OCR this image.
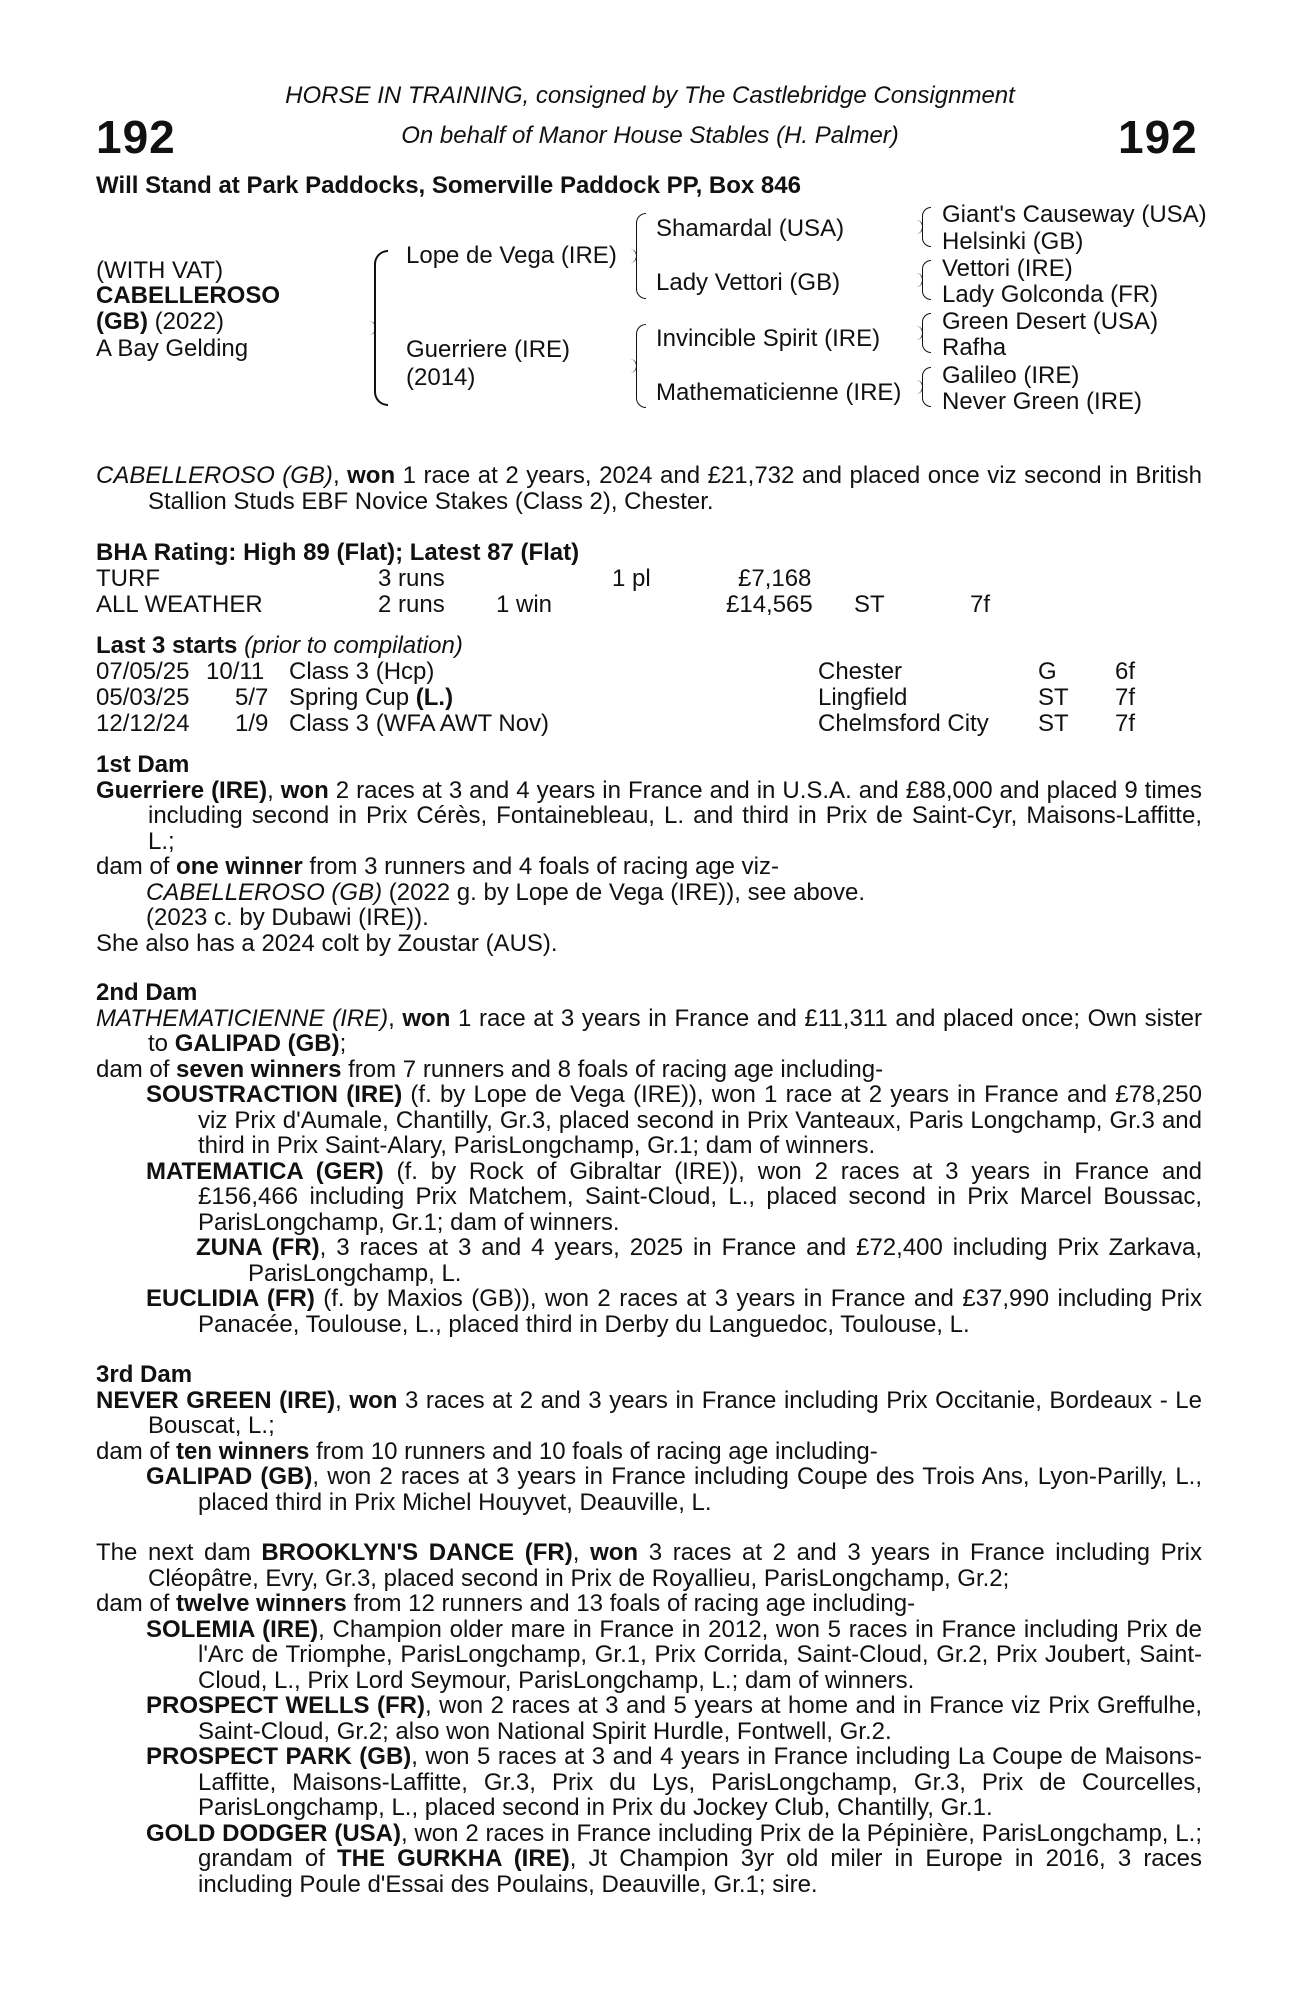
192	192
HORSE IN TRAINING, consigned by The Castlebridge Consignment
On behalf of Manor House Stables (H. Palmer)
Will Stand at Park Paddocks, Somerville Paddock PP, Box 846
(WITH VAT)
CABELLEROSO
(GB) (2022)
A Bay Gelding
Lope de Vega (IRE)
Guerriere (IRE)
(2014)
Shamardal (USA)
Lady Vettori (GB)
Invincible Spirit (IRE)
Mathematicienne (IRE)
Giant's Causeway (USA)
Helsinki (GB)
Vettori (IRE)
Lady Golconda (FR)
Green Desert (USA)
Rafha
Galileo (IRE)
Never Green (IRE)

CABELLEROSO (GB), won 1 race at 2 years, 2024 and £21,732 and placed once viz second in British Stallion Studs EBF Novice Stakes (Class 2), Chester.

BHA Rating: High 89 (Flat); Latest 87 (Flat)
TURF	3 runs	1 pl	£7,168
ALL WEATHER	2 runs 1 win	£14,565 ST	7f
Last 3 starts (prior to compilation)
07/05/25 10/11 Class 3 (Hcp)	Chester	G 6f
05/03/25 5/7 Spring Cup (L.)	Lingfield	ST 7f
12/12/24 1/9 Class 3 (WFA AWT Nov)	Chelmsford City ST 7f

1st Dam

Guerriere (IRE), won 2 races at 3 and 4 years in France and in U.S.A. and £88,000 and placed 9 times including second in Prix Cérès, Fontainebleau, L. and third in Prix de Saint-Cyr, Maisons-Laffitte, L.;

dam of one winner from 3 runners and 4 foals of racing age viz-

CABELLEROSO (GB) (2022 g. by Lope de Vega (IRE)), see above.

(2023 c. by Dubawi (IRE)).

She also has a 2024 colt by Zoustar (AUS).

2nd Dam

MATHEMATICIENNE (IRE), won 1 race at 3 years in France and £11,311 and placed once; Own sister to GALIPAD (GB);

dam of seven winners from 7 runners and 8 foals of racing age including-

SOUSTRACTION (IRE) (f. by Lope de Vega (IRE)), won 1 race at 2 years in France and £78,250 viz Prix d'Aumale, Chantilly, Gr.3, placed second in Prix Vanteaux, Paris Longchamp, Gr.3 and third in Prix Saint-Alary, ParisLongchamp, Gr.1; dam of winners.

MATEMATICA (GER) (f. by Rock of Gibraltar (IRE)), won 2 races at 3 years in France and £156,466 including Prix Matchem, Saint-Cloud, L., placed second in Prix Marcel Boussac, ParisLongchamp, Gr.1; dam of winners.

ZUNA (FR), 3 races at 3 and 4 years, 2025 in France and £72,400 including Prix Zarkava, ParisLongchamp, L.

EUCLIDIA (FR) (f. by Maxios (GB)), won 2 races at 3 years in France and £37,990 including Prix Panacée, Toulouse, L., placed third in Derby du Languedoc, Toulouse, L.

3rd Dam

NEVER GREEN (IRE), won 3 races at 2 and 3 years in France including Prix Occitanie, Bordeaux - Le Bouscat, L.;

dam of ten winners from 10 runners and 10 foals of racing age including-

GALIPAD (GB), won 2 races at 3 years in France including Coupe des Trois Ans, Lyon-Parilly, L., placed third in Prix Michel Houyvet, Deauville, L.

The next dam BROOKLYN'S DANCE (FR), won 3 races at 2 and 3 years in France including Prix Cléopâtre, Evry, Gr.3, placed second in Prix de Royallieu, ParisLongchamp, Gr.2;

dam of twelve winners from 12 runners and 13 foals of racing age including-

SOLEMIA (IRE), Champion older mare in France in 2012, won 5 races in France including Prix de l'Arc de Triomphe, ParisLongchamp, Gr.1, Prix Corrida, Saint-Cloud, Gr.2, Prix Joubert, Saint-Cloud, L., Prix Lord Seymour, ParisLongchamp, L.; dam of winners.

PROSPECT WELLS (FR), won 2 races at 3 and 5 years at home and in France viz Prix Greffulhe, Saint-Cloud, Gr.2; also won National Spirit Hurdle, Fontwell, Gr.2.

PROSPECT PARK (GB), won 5 races at 3 and 4 years in France including La Coupe de Maisons-Laffitte, Maisons-Laffitte, Gr.3, Prix du Lys, ParisLongchamp, Gr.3, Prix de Courcelles, ParisLongchamp, L., placed second in Prix du Jockey Club, Chantilly, Gr.1.

GOLD DODGER (USA), won 2 races in France including Prix de la Pépinière, ParisLongchamp, L.; grandam of THE GURKHA (IRE), Jt Champion 3yr old miler in Europe in 2016, 3 races including Poule d'Essai des Poulains, Deauville, Gr.1; sire.
